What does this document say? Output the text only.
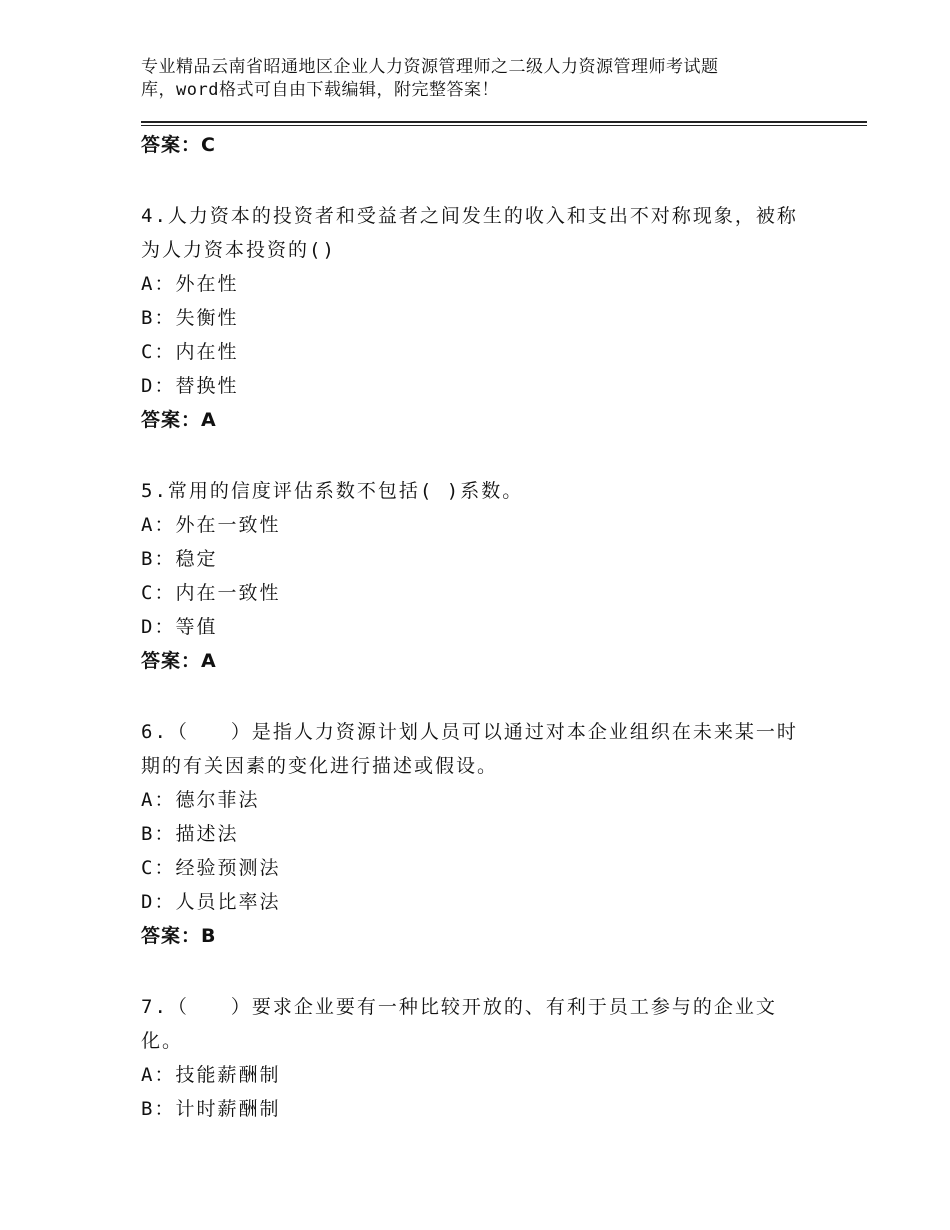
专业精品云南省昭通地区企业人力资源管理师之二级人力资源管理师考试题
库，word格式可自由下载编辑，附完整答案！
答案：C
4.人力资本的投资者和受益者之间发生的收入和支出不对称现象，被称为人力资本投资的()
A：外在性
B：失衡性
C：内在性
D：替换性
答案：A
5.常用的信度评估系数不包括( )系数。
A：外在一致性
B：稳定
C：内在一致性
D：等值
答案：A
6.（　　）是指人力资源计划人员可以通过对本企业组织在未来某一时期的有关因素的变化进行描述或假设。
A：德尔菲法
B：描述法
C：经验预测法
D：人员比率法
答案：B
7.（　　）要求企业要有一种比较开放的、有利于员工参与的企业文化。
A：技能薪酬制
B：计时薪酬制
